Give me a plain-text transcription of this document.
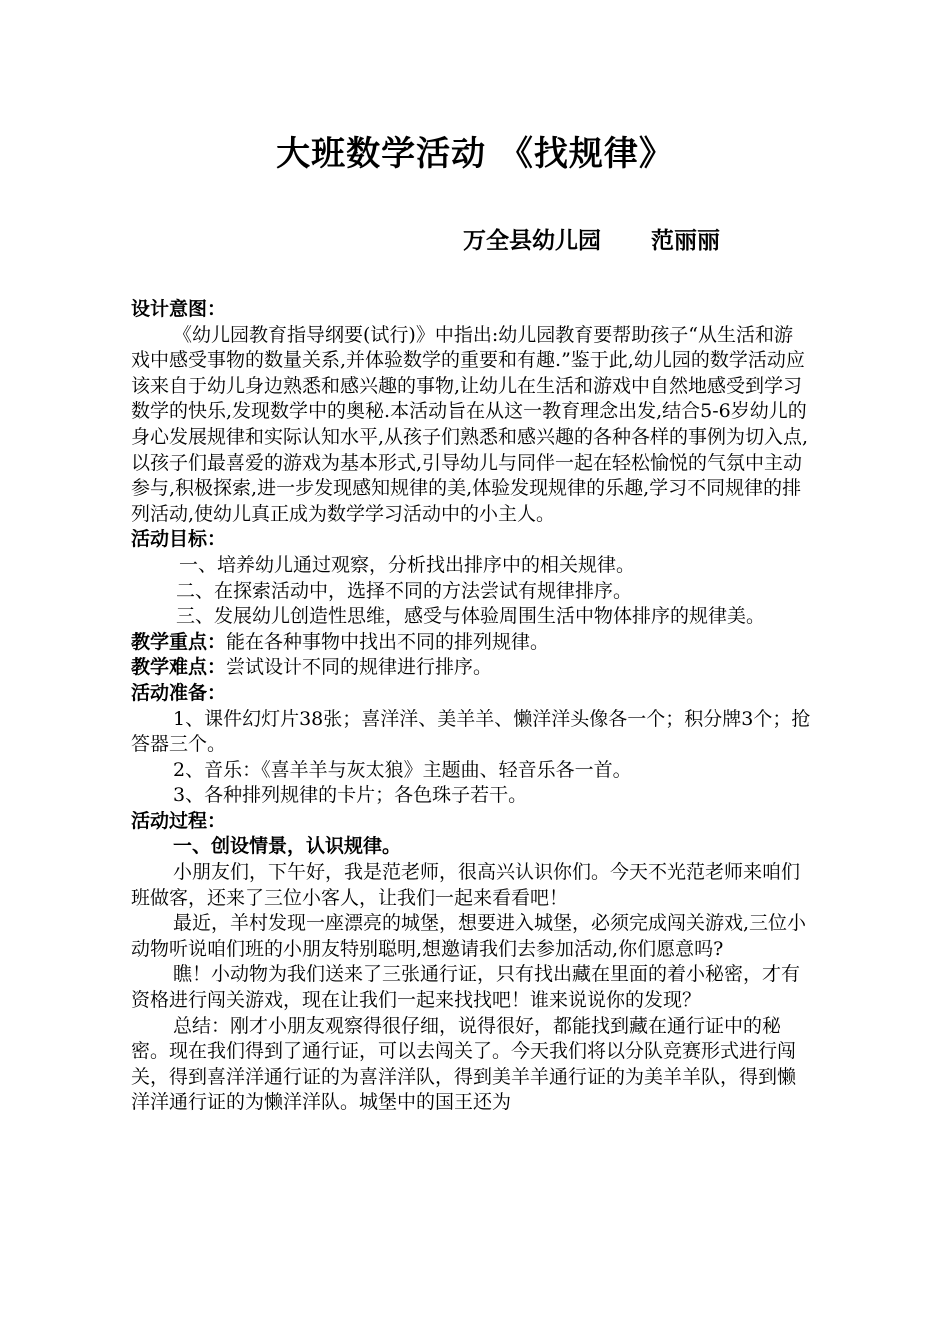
大班数学活动 《找规律》
万全县幼儿园 范丽丽

设计意图：

《幼儿园教育指导纲要(试行)》中指出:幼儿园教育要帮助孩子“从生活和游戏中感受事物的数量关系,并体验数学的重要和有趣.”鉴于此,幼儿园的数学活动应该来自于幼儿身边熟悉和感兴趣的事物,让幼儿在生活和游戏中自然地感受到学习数学的快乐,发现数学中的奥秘.本活动旨在从这一教育理念出发,结合5-6岁幼儿的身心发展规律和实际认知水平,从孩子们熟悉和感兴趣的各种各样的事例为切入点,以孩子们最喜爱的游戏为基本形式,引导幼儿与同伴一起在轻松愉悦的气氛中主动参与,积极探索,进一步发现感知规律的美,体验发现规律的乐趣,学习不同规律的排列活动,使幼儿真正成为数学学习活动中的小主人。

活动目标：

一、培养幼儿通过观察，分析找出排序中的相关规律。

二、在探索活动中，选择不同的方法尝试有规律排序。

三、发展幼儿创造性思维，感受与体验周围生活中物体排序的规律美。

教学重点：能在各种事物中找出不同的排列规律。

教学难点：尝试设计不同的规律进行排序。

活动准备：

1、课件幻灯片38张；喜洋洋、美羊羊、懒洋洋头像各一个；积分牌3个；抢答器三个。

2、音乐：《喜羊羊与灰太狼》主题曲、轻音乐各一首。

3、各种排列规律的卡片；各色珠子若干。

活动过程：

一、创设情景，认识规律。

小朋友们，下午好，我是范老师，很高兴认识你们。今天不光范老师来咱们班做客，还来了三位小客人，让我们一起来看看吧！

最近，羊村发现一座漂亮的城堡，想要进入城堡，必须完成闯关游戏,三位小动物听说咱们班的小朋友特别聪明,想邀请我们去参加活动,你们愿意吗?

瞧！小动物为我们送来了三张通行证，只有找出藏在里面的着小秘密，才有资格进行闯关游戏，现在让我们一起来找找吧！谁来说说你的发现？

总结：刚才小朋友观察得很仔细，说得很好，都能找到藏在通行证中的秘密。现在我们得到了通行证，可以去闯关了。今天我们将以分队竞赛形式进行闯关，得到喜洋洋通行证的为喜洋洋队，得到美羊羊通行证的为美羊羊队，得到懒洋洋通行证的为懒洋洋队。城堡中的国王还为
